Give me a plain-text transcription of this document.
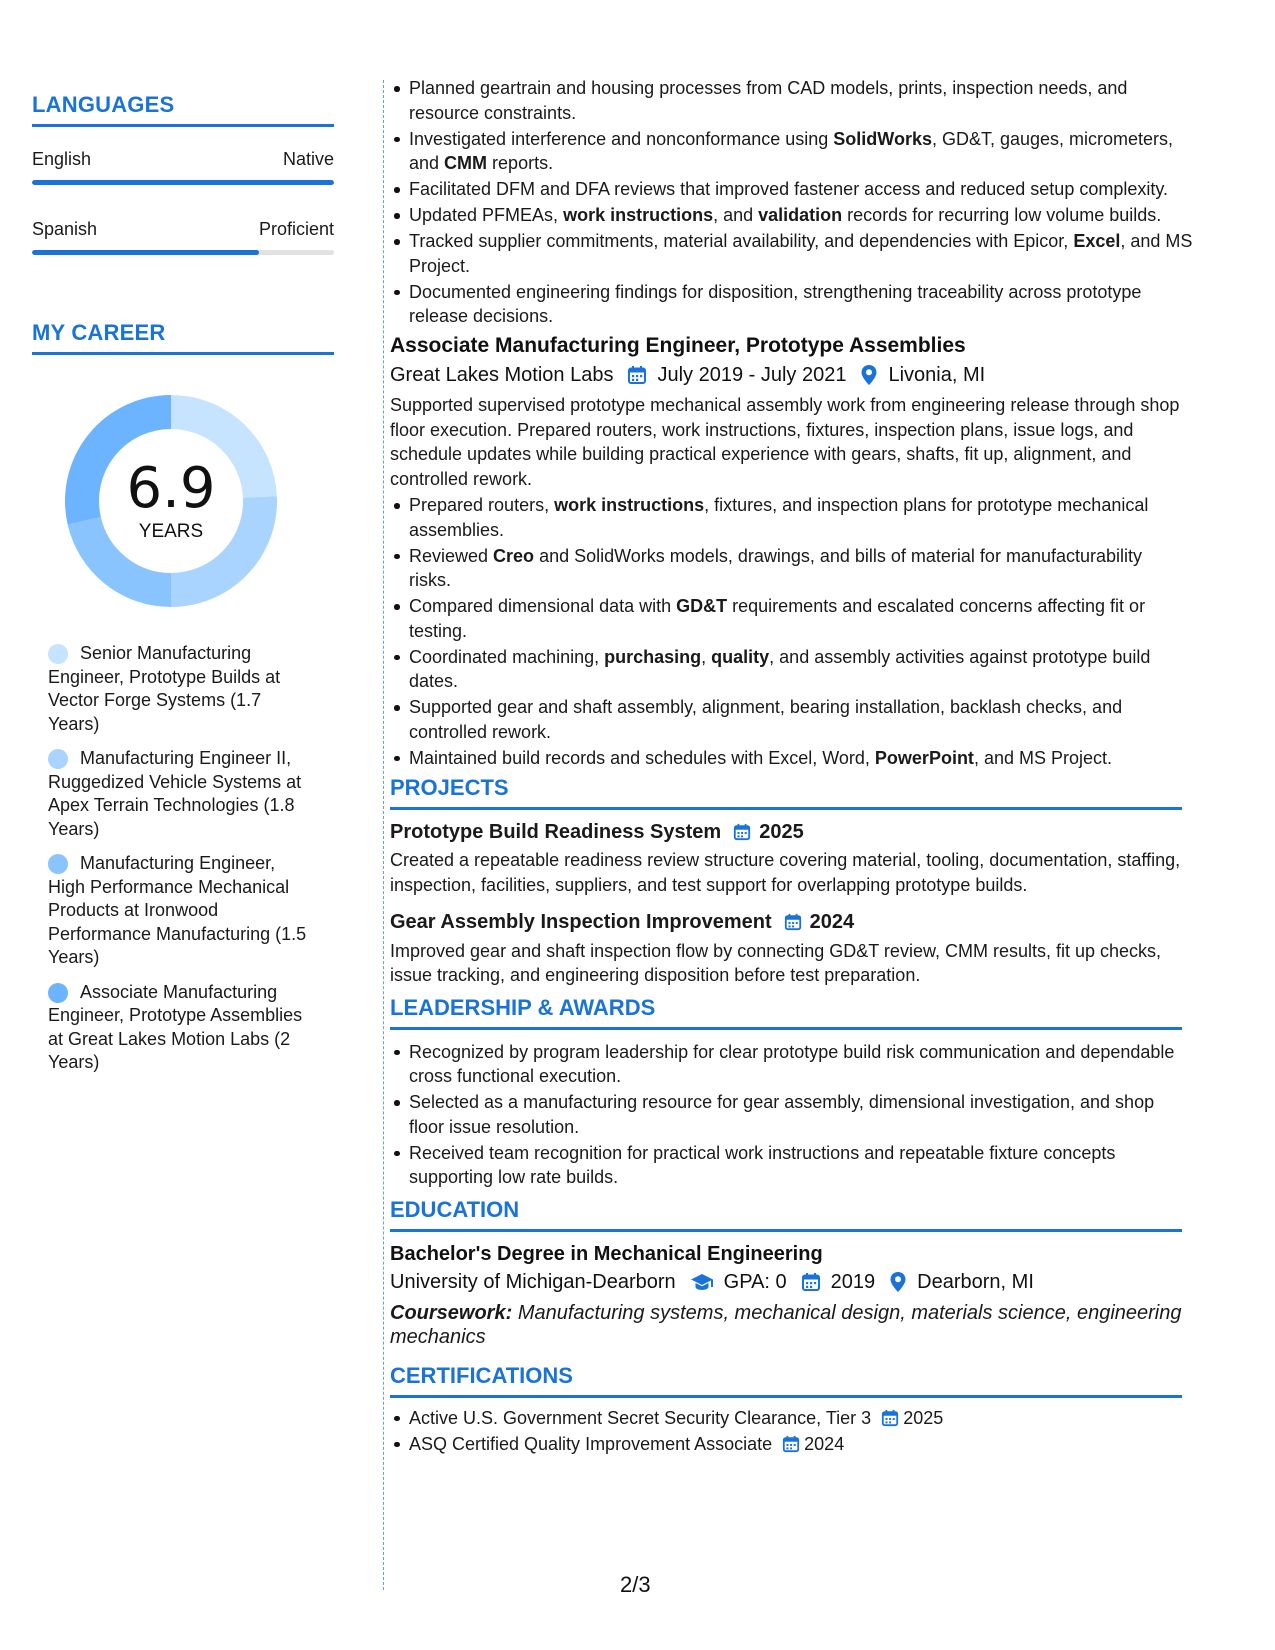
LANGUAGES
English	Native
Spanish	Proficient
MY CAREER
6.9
YEARS
Senior Manufacturing Engineer, Prototype Builds at Vector Forge Systems (1.7 Years)
Manufacturing Engineer II, Ruggedized Vehicle Systems at Apex Terrain Technologies (1.8 Years)
Manufacturing Engineer, High Performance Mechanical Products at Ironwood Performance Manufacturing (1.5 Years)
Associate Manufacturing Engineer, Prototype Assemblies at Great Lakes Motion Labs (2 Years)
Planned geartrain and housing processes from CAD models, prints, inspection needs, and resource constraints.
Investigated interference and nonconformance using SolidWorks, GD&T, gauges, micrometers, and CMM reports.
Facilitated DFM and DFA reviews that improved fastener access and reduced setup complexity.
Updated PFMEAs, work instructions, and validation records for recurring low volume builds.
Tracked supplier commitments, material availability, and dependencies with Epicor, Excel, and MS Project.
Documented engineering findings for disposition, strengthening traceability across prototype release decisions.
Associate Manufacturing Engineer, Prototype Assemblies
Great Lakes Motion Labs July 2019 - July 2021 Livonia, MI

Supported supervised prototype mechanical assembly work from engineering release through shop floor execution. Prepared routers, work instructions, fixtures, inspection plans, issue logs, and schedule updates while building practical experience with gears, shafts, fit up, alignment, and controlled rework.

Prepared routers, work instructions, fixtures, and inspection plans for prototype mechanical assemblies.
Reviewed Creo and SolidWorks models, drawings, and bills of material for manufacturability risks.
Compared dimensional data with GD&T requirements and escalated concerns affecting fit or testing.
Coordinated machining, purchasing, quality, and assembly activities against prototype build dates.
Supported gear and shaft assembly, alignment, bearing installation, backlash checks, and controlled rework.
Maintained build records and schedules with Excel, Word, PowerPoint, and MS Project.
PROJECTS
Prototype Build Readiness System 2025

Created a repeatable readiness review structure covering material, tooling, documentation, staffing, inspection, facilities, suppliers, and test support for overlapping prototype builds.

Gear Assembly Inspection Improvement 2024

Improved gear and shaft inspection flow by connecting GD&T review, CMM results, fit up checks, issue tracking, and engineering disposition before test preparation.

LEADERSHIP & AWARDS
Recognized by program leadership for clear prototype build risk communication and dependable cross functional execution.
Selected as a manufacturing resource for gear assembly, dimensional investigation, and shop floor issue resolution.
Received team recognition for practical work instructions and repeatable fixture concepts supporting low rate builds.
EDUCATION
Bachelor's Degree in Mechanical Engineering
University of Michigan-Dearborn GPA: 0 2019 Dearborn, MI
Coursework: Manufacturing systems, mechanical design, materials science, engineering mechanics
CERTIFICATIONS
Active U.S. Government Secret Security Clearance, Tier 3 2025
ASQ Certified Quality Improvement Associate 2024
2/3
